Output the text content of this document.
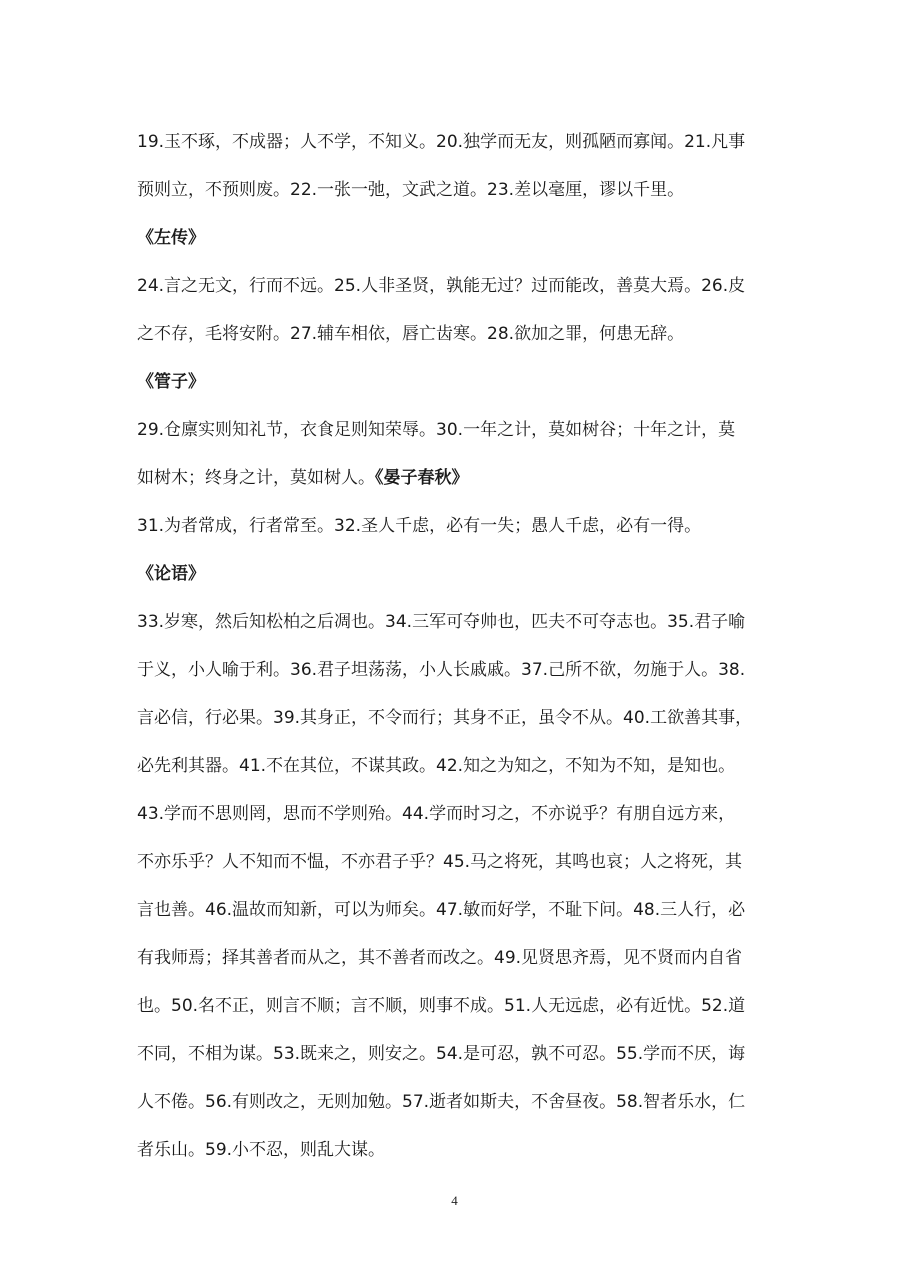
19.玉不琢，不成器；人不学，不知义。20.独学而无友，则孤陋而寡闻。21.凡事
预则立，不预则废。22.一张一弛，文武之道。23.差以毫厘，谬以千里。
《左传》
24.言之无文，行而不远。25.人非圣贤，孰能无过？过而能改，善莫大焉。26.皮
之不存，毛将安附。27.辅车相依，唇亡齿寒。28.欲加之罪，何患无辞。
《管子》
29.仓廪实则知礼节，衣食足则知荣辱。30.一年之计，莫如树谷；十年之计，莫
如树木；终身之计，莫如树人。《晏子春秋》
31.为者常成，行者常至。32.圣人千虑，必有一失；愚人千虑，必有一得。
《论语》
33.岁寒，然后知松柏之后凋也。34.三军可夺帅也，匹夫不可夺志也。35.君子喻
于义，小人喻于利。36.君子坦荡荡，小人长戚戚。37.己所不欲，勿施于人。38.
言必信，行必果。39.其身正，不令而行；其身不正，虽令不从。40.工欲善其事，
必先利其器。41.不在其位，不谋其政。42.知之为知之，不知为不知，是知也。
43.学而不思则罔，思而不学则殆。44.学而时习之，不亦说乎？有朋自远方来，
不亦乐乎？人不知而不愠，不亦君子乎？45.马之将死，其鸣也哀；人之将死，其
言也善。46.温故而知新，可以为师矣。47.敏而好学，不耻下问。48.三人行，必
有我师焉；择其善者而从之，其不善者而改之。49.见贤思齐焉，见不贤而内自省
也。50.名不正，则言不顺；言不顺，则事不成。51.人无远虑，必有近忧。52.道
不同，不相为谋。53.既来之，则安之。54.是可忍，孰不可忍。55.学而不厌，诲
人不倦。56.有则改之，无则加勉。57.逝者如斯夫，不舍昼夜。58.智者乐水，仁
者乐山。59.小不忍，则乱大谋。
4
